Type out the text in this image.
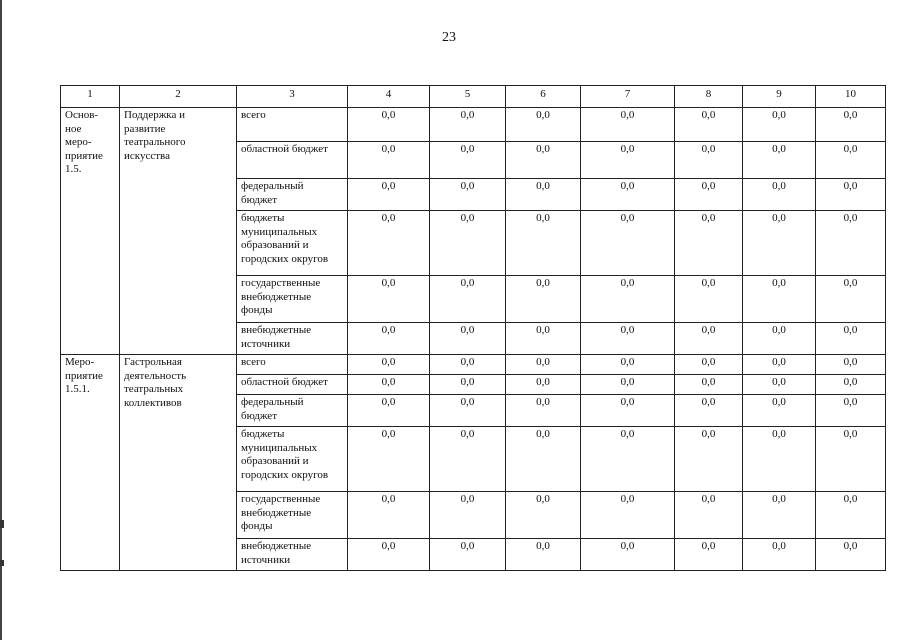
23
1	2	3	4	5	6	7	8	9	10
Основ-
ное
меро-
приятие
1.5.	Поддержка и
развитие
театрального
искусства	всего	0,0	0,0	0,0	0,0	0,0	0,0	0,0
		областной бюджет	0,0	0,0	0,0	0,0	0,0	0,0	0,0
		федеральный
бюджет	0,0	0,0	0,0	0,0	0,0	0,0	0,0
		бюджеты
муниципальных
образований и
городских округов	0,0	0,0	0,0	0,0	0,0	0,0	0,0
		государственные
внебюджетные
фонды	0,0	0,0	0,0	0,0	0,0	0,0	0,0
		внебюджетные
источники	0,0	0,0	0,0	0,0	0,0	0,0	0,0
Меро-
приятие
1.5.1.	Гастрольная
деятельность
театральных
коллективов	всего	0,0	0,0	0,0	0,0	0,0	0,0	0,0
		областной бюджет	0,0	0,0	0,0	0,0	0,0	0,0	0,0
		федеральный
бюджет	0,0	0,0	0,0	0,0	0,0	0,0	0,0
		бюджеты
муниципальных
образований и
городских округов	0,0	0,0	0,0	0,0	0,0	0,0	0,0
		государственные
внебюджетные
фонды	0,0	0,0	0,0	0,0	0,0	0,0	0,0
		внебюджетные
источники	0,0	0,0	0,0	0,0	0,0	0,0	0,0
